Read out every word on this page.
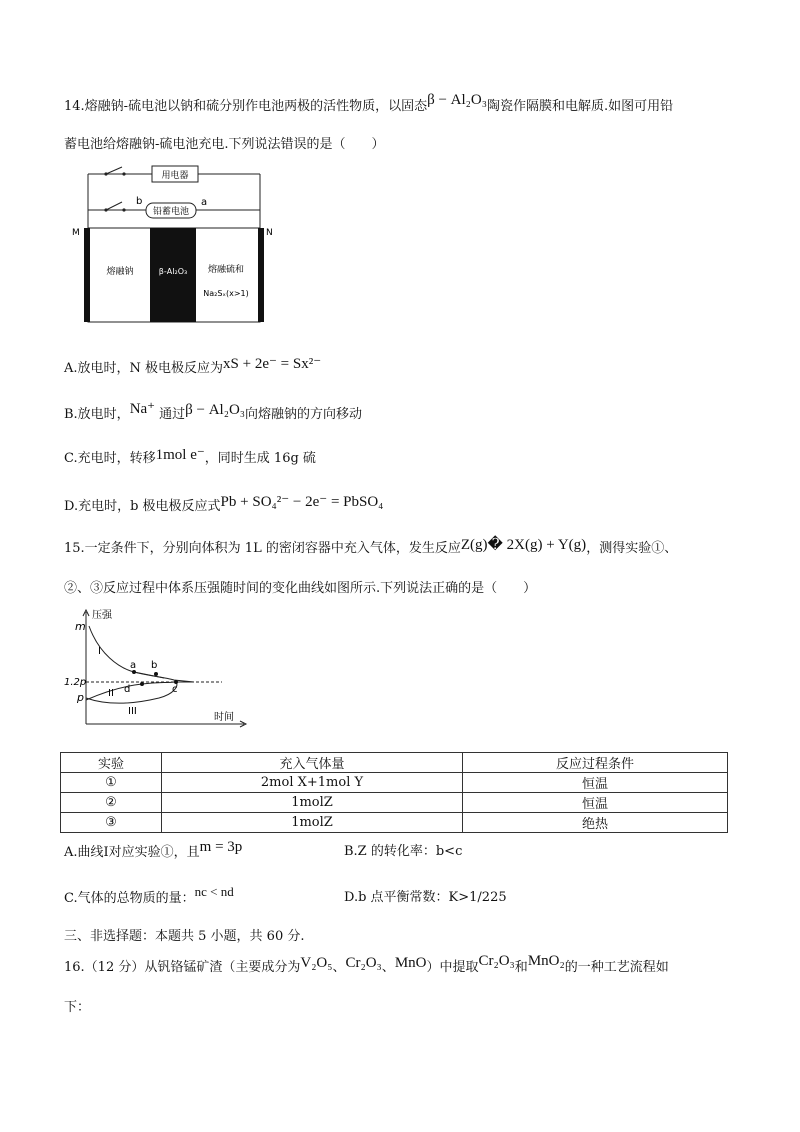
14.熔融钠-硫电池以钠和硫分别作电池两极的活性物质，以固态β − Al₂O₃陶瓷作隔膜和电解质.如图可用铅
蓄电池给熔融钠-硫电池充电.下列说法错误的是（　　）
用电器
铅蓄电池
b	a
M	N
熔融钠	β-Al₂O₃ 熔融硫和
Na₂Sₓ(x>1)
A.放电时，N 极电极反应为xS + 2e⁻ = Sx²⁻
B.放电时，Na⁺ 通过β − Al₂O₃向熔融钠的方向移动
C.充电时，转移1mol e⁻，同时生成 16g 硫
D.充电时，b 极电极反应式Pb + SO₄²⁻ − 2e⁻ = PbSO₄
15.一定条件下，分别向体积为 1L 的密闭容器中充入气体，发生反应Z(g)� 2X(g) + Y(g)，测得实验①、
②、③反应过程中体系压强随时间的变化曲线如图所示.下列说法正确的是（　　）
压强
时间
m
1.2p
p
I
II
III
a b
c
d
实验	充入气体量	反应过程条件
①	2mol X+1mol Y	恒温
②	1molZ	恒温
③	1molZ	绝热
A.曲线Ⅰ对应实验①，且m = 3p	B.Z 的转化率：b<c
C.气体的总物质的量：nc < nd	D.b 点平衡常数：K>1/225
三、非选择题：本题共 5 小题，共 60 分.
16.（12 分）从钒铬锰矿渣（主要成分为V₂O₅、Cr₂O₃、MnO）中提取Cr₂O₃和MnO₂的一种工艺流程如
下：
